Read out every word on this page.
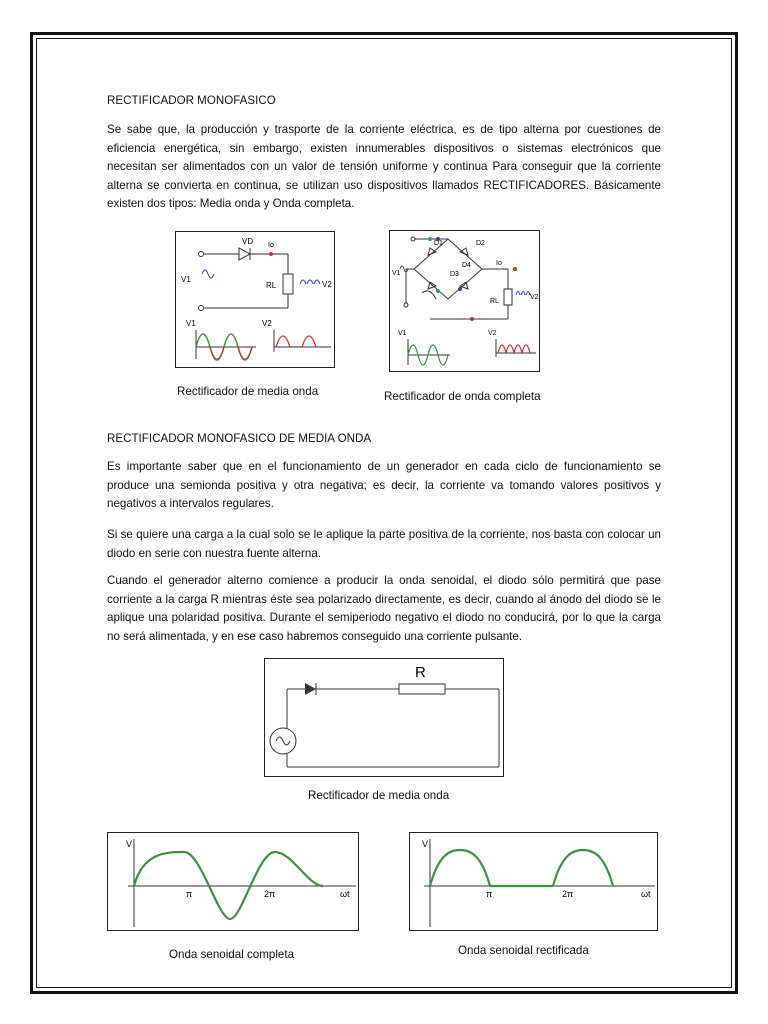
RECTIFICADOR MONOFASICO
Se sabe que, la producción y trasporte de la corriente eléctrica, es de tipo alterna por cuestiones de eficiencia energética, sin embargo, existen innumerables dispositivos o sistemas electrónicos que necesitan ser alimentados con un valor de tensión uniforme y continua Para conseguir que la corriente alterna se convierta en continua, se utilizan uso dispositivos llamados RECTIFICADORES. Básicamente existen dos tipos: Media onda y Onda completa.
VD Io
V1
RL	V2
V1	V2
Rectificador de media onda
D1	D2
D3
D4
V1
Io
RL
V2
V1	V2
Rectificador de onda completa
RECTIFICADOR MONOFASICO DE MEDIA ONDA
Es importante saber que en el funcionamiento de un generador en cada ciclo de funcionamiento se produce una semionda positiva y otra negativa; es decir, la corriente va tomando valores positivos y negativos a intervalos regulares.
Si se quiere una carga a la cual solo se le aplique la parte positiva de la corriente, nos basta con colocar un diodo en serie con nuestra fuente alterna.
Cuando el generador alterno comience a producir la onda senoidal, el diodo sólo permitirá que pase corriente a la carga R mientras éste sea polarizado directamente, es decir, cuando al ánodo del diodo se le aplique una polaridad positiva. Durante el semiperiodo negativo el diodo no conducirá, por lo que la carga no será alimentada, y en ese caso habremos conseguido una corriente pulsante.
R
Rectificador de media onda
V
π	2π	ωt
Onda senoidal completa
V
π	2π	ωt
Onda senoidal rectificada
